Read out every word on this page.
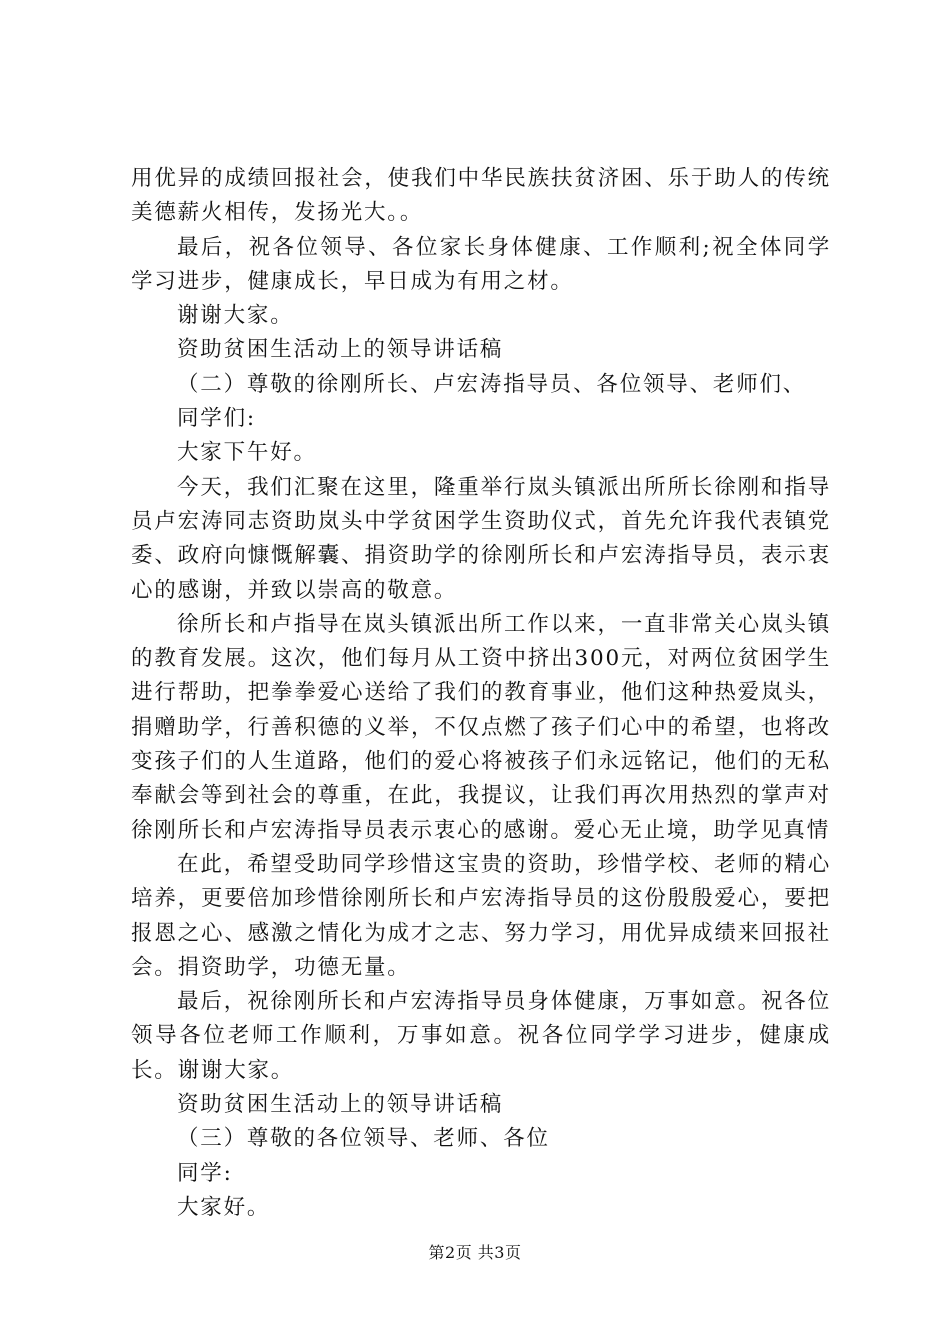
用优异的成绩回报社会，使我们中华民族扶贫济困、乐于助人的传统美德薪火相传，发扬光大。。

最后，祝各位领导、各位家长身体健康、工作顺利;祝全体同学学习进步，健康成长，早日成为有用之材。

谢谢大家。

资助贫困生活动上的领导讲话稿

（二）尊敬的徐刚所长、卢宏涛指导员、各位领导、老师们、

同学们:

大家下午好。

今天，我们汇聚在这里，隆重举行岚头镇派出所所长徐刚和指导员卢宏涛同志资助岚头中学贫困学生资助仪式，首先允许我代表镇党委、政府向慷慨解囊、捐资助学的徐刚所长和卢宏涛指导员，表示衷心的感谢，并致以崇高的敬意。

徐所长和卢指导在岚头镇派出所工作以来，一直非常关心岚头镇的教育发展。这次，他们每月从工资中挤出300元，对两位贫困学生进行帮助，把拳拳爱心送给了我们的教育事业，他们这种热爱岚头，捐赠助学，行善积德的义举，不仅点燃了孩子们心中的希望，也将改变孩子们的人生道路，他们的爱心将被孩子们永远铭记，他们的无私奉献会等到社会的尊重，在此，我提议，让我们再次用热烈的掌声对徐刚所长和卢宏涛指导员表示衷心的感谢。爱心无止境，助学见真情

在此，希望受助同学珍惜这宝贵的资助，珍惜学校、老师的精心培养，更要倍加珍惜徐刚所长和卢宏涛指导员的这份殷殷爱心，要把报恩之心、感激之情化为成才之志、努力学习，用优异成绩来回报社会。捐资助学，功德无量。

最后，祝徐刚所长和卢宏涛指导员身体健康，万事如意。祝各位领导各位老师工作顺利，万事如意。祝各位同学学习进步，健康成长。谢谢大家。

资助贫困生活动上的领导讲话稿

（三）尊敬的各位领导、老师、各位

同学:

大家好。

第2页 共3页
